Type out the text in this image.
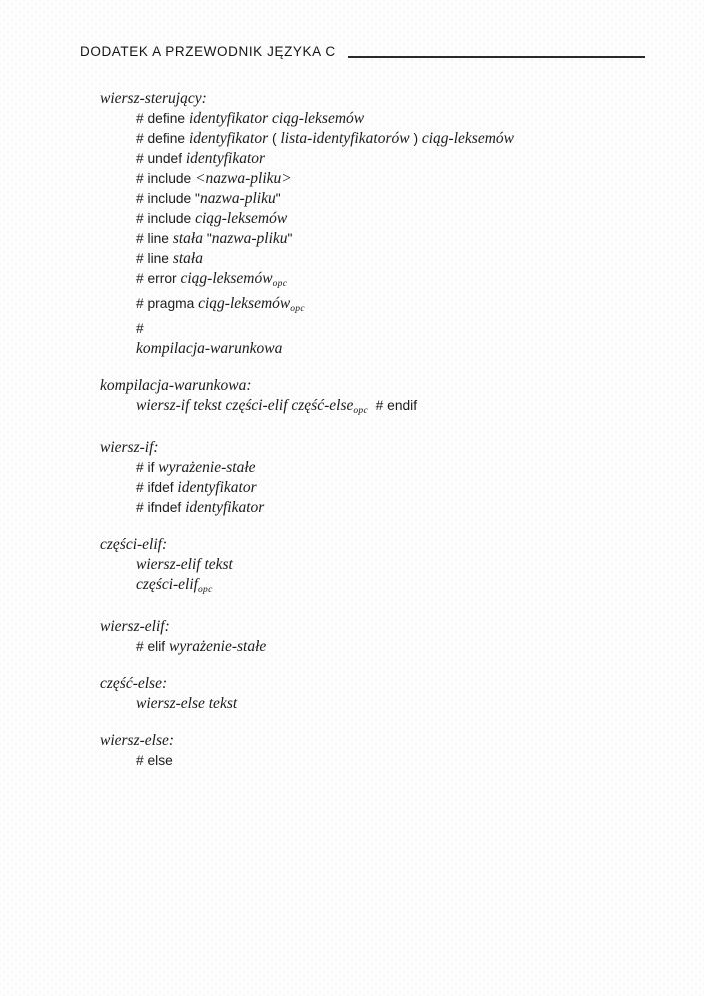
DODATEK A PRZEWODNIK JĘZYKA C
wiersz-sterujący:
# define identyfikator ciąg-leksemów
# define identyfikator ( lista-identyfikatorów ) ciąg-leksemów
# undef identyfikator
# include <nazwa-pliku>
# include "nazwa-pliku"
# include ciąg-leksemów
# line stała "nazwa-pliku"
# line stała
# error ciąg-leksemówopc
# pragma ciąg-leksemówopc
#
kompilacja-warunkowa
kompilacja-warunkowa:
wiersz-if tekst części-elif część-elseopc  # endif
wiersz-if:
# if wyrażenie-stałe
# ifdef identyfikator
# ifndef identyfikator
części-elif:
wiersz-elif tekst
części-elifopc
wiersz-elif:
# elif wyrażenie-stałe
część-else:
wiersz-else tekst
wiersz-else:
# else
